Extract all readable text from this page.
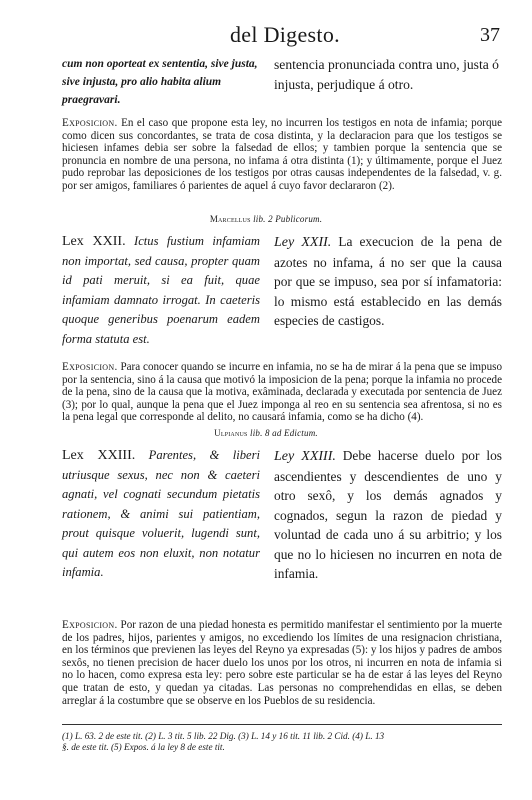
del Digesto.	37
cum non oporteat ex sententia, sive justa, sive injusta, pro alio habita alium praegravari.
sentencia pronunciada contra uno, justa ó injusta, perjudique á otro.
Exposicion. En el caso que propone esta ley, no incurren los testigos en nota de infamia; porque como dicen sus concordantes, se trata de cosa distinta, y la declaracion para que los testigos se hiciesen infames debia ser sobre la falsedad de ellos; y tambien porque la sentencia que se pronuncia en nombre de una persona, no infama á otra distinta (1); y últimamente, porque el Juez pudo reprobar las deposiciones de los testigos por otras causas independentes de la falsedad, v. g. por ser amigos, familiares ó parientes de aquel á cuyo favor declararon (2).
Marcellus lib. 2 Publicorum.
Lex XXII. Ictus fustium infamiam non importat, sed causa, propter quam id pati meruit, si ea fuit, quae infamiam damnato irrogat. In caeteris quoque generibus poenarum eadem forma statuta est.
Ley XXII. La execucion de la pena de azotes no infama, á no ser que la causa por que se impuso, sea por sí infamatoria: lo mismo está establecido en las demás especies de castigos.
Exposicion. Para conocer quando se incurre en infamia, no se ha de mirar á la pena que se impuso por la sentencia, sino á la causa que motivó la imposicion de la pena; porque la infamia no procede de la pena, sino de la causa que la motiva, exâminada, declarada y executada por sentencia de Juez (3); por lo qual, aunque la pena que el Juez imponga al reo en su sentencia sea afrentosa, si no es la pena legal que corresponde al delito, no causará infamia, como se ha dicho (4).
Ulpianus lib. 8 ad Edictum.
Lex XXIII. Parentes, & liberi utriusque sexus, nec non & caeteri agnati, vel cognati secundum pietatis rationem, & animi sui patientiam, prout quisque voluerit, lugendi sunt, qui autem eos non eluxit, non notatur infamia.
Ley XXIII. Debe hacerse duelo por los ascendientes y descendientes de uno y otro sexô, y los demás agnados y cognados, segun la razon de piedad y voluntad de cada uno á su arbitrio; y los que no lo hiciesen no incurren en nota de infamia.
Exposicion. Por razon de una piedad honesta es permitido manifestar el sentimiento por la muerte de los padres, hijos, parientes y amigos, no excediendo los límites de una resignacion christiana, en los términos que previenen las leyes del Reyno ya expresadas (5): y los hijos y padres de ambos sexôs, no tienen precision de hacer duelo los unos por los otros, ni incurren en nota de infamia si no lo hacen, como expresa esta ley: pero sobre este particular se ha de estar á las leyes del Reyno que tratan de esto, y quedan ya citadas. Las personas no comprehendidas en ellas, se deben arreglar á la costumbre que se observe en los Pueblos de su residencia.
(1) L. 63. 2 de este tit. (2) L. 3 tit. 5 lib. 22 Dig. (3) L. 14 y 16 tit. 11 lib. 2 Cid. (4) L. 13
§. de este tit. (5) Expos. á la ley 8 de este tit.
